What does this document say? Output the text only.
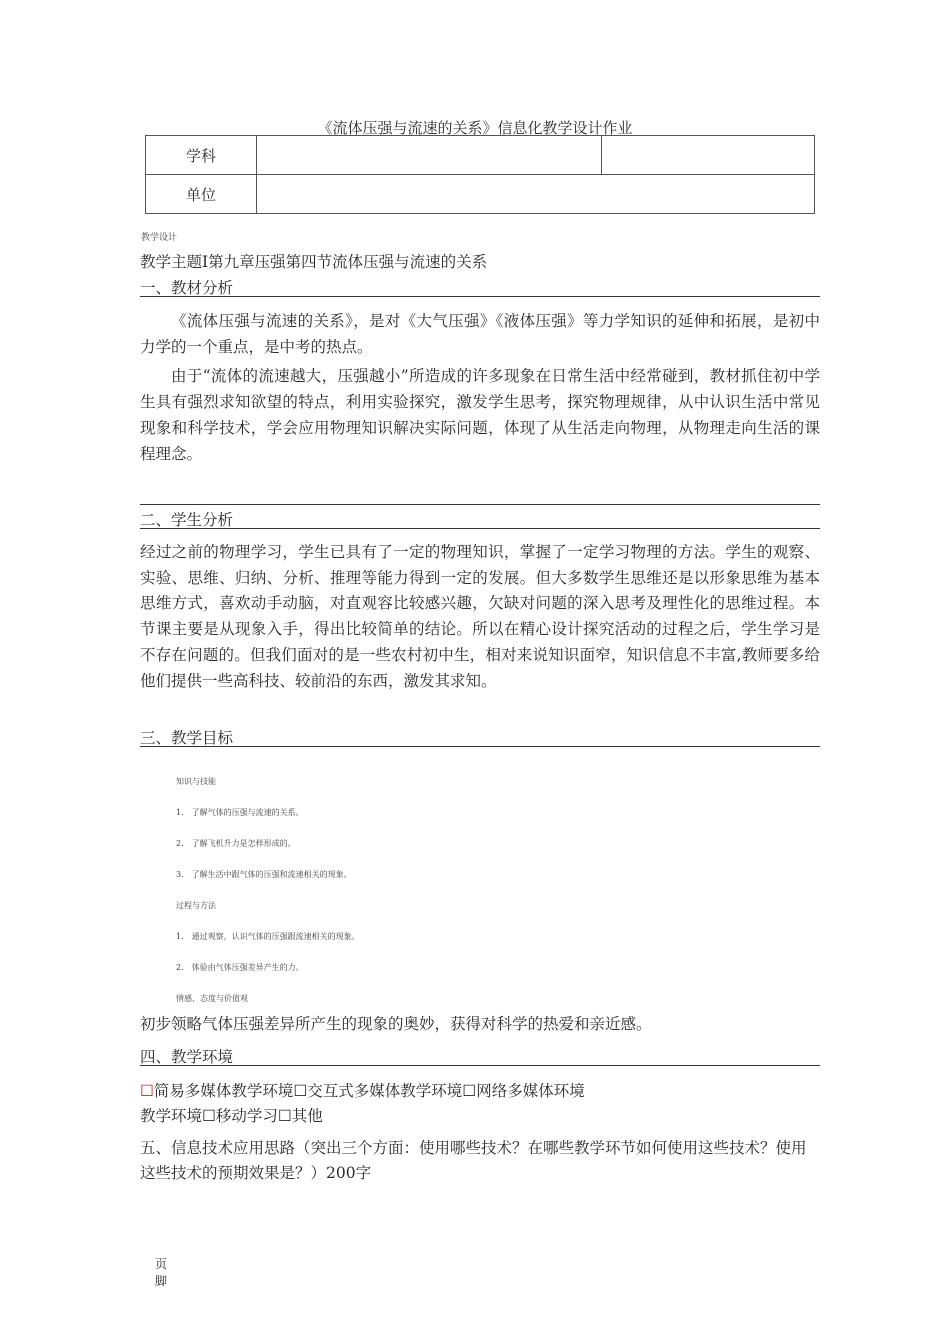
《流体压强与流速的关系》信息化教学设计作业
学科		
单位		
教学设计
教学主题Ⅰ第九章压强第四节流体压强与流速的关系
一、教材分析

《流体压强与流速的关系》，是对《大气压强》《液体压强》等力学知识的延伸和拓展，是初中力学的一个重点，是中考的热点。

由于“流体的流速越大，压强越小”所造成的许多现象在日常生活中经常碰到，教材抓住初中学生具有强烈求知欲望的特点，利用实验探究，激发学生思考，探究物理规律，从中认识生活中常见现象和科学技术，学会应用物理知识解决实际问题，体现了从生活走向物理，从物理走向生活的课程理念。

二、学生分析

经过之前的物理学习，学生已具有了一定的物理知识，掌握了一定学习物理的方法。学生的观察、实验、思维、归纳、分析、推理等能力得到一定的发展。但大多数学生思维还是以形象思维为基本思维方式，喜欢动手动脑，对直观容比较感兴趣，欠缺对问题的深入思考及理性化的思维过程。本节课主要是从现象入手，得出比较简单的结论。所以在精心设计探究活动的过程之后，学生学习是不存在问题的。但我们面对的是一些农村初中生，相对来说知识面窄，知识信息不丰富,教师要多给他们提供一些高科技、较前沿的东西，激发其求知。

三、教学目标
知识与技能
1.　了解气体的压强与流速的关系。
2.　了解飞机升力是怎样形成的。
3.　了解生活中跟气体的压强和流速相关的现象。
过程与方法
1.　通过观察，认识气体的压强跟流速相关的现象。
2.　体验由气体压强差异产生的力。
情感、态度与价值观
初步领略气体压强差异所产生的现象的奥妙，获得对科学的热爱和亲近感。
四、教学环境
☐简易多媒体教学环境☐交互式多媒体教学环境☐网络多媒体环境
教学环境☐移动学习☐其他

五、信息技术应用思路（突出三个方面：使用哪些技术？在哪些教学环节如何使用这些技术？使用这些技术的预期效果是？）200字

页
脚
